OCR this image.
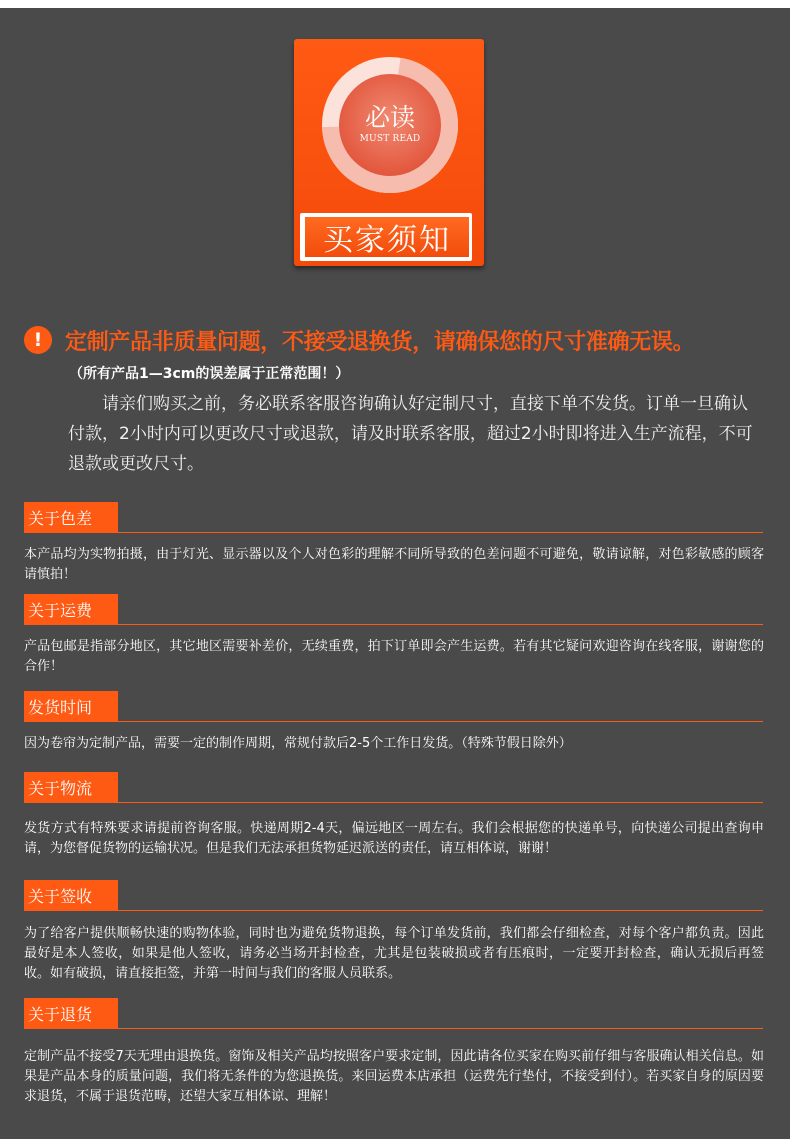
必读
MUST READ
买家须知
!	定制产品非质量问题，不接受退换货，请确保您的尺寸准确无误。
（所有产品1—3cm的误差属于正常范围！）
请亲们购买之前，务必联系客服咨询确认好定制尺寸，直接下单不发货。订单一旦确认付款，2小时内可以更改尺寸或退款，请及时联系客服，超过2小时即将进入生产流程，不可退款或更改尺寸。
关于色差
本产品均为实物拍摄，由于灯光、显示器以及个人对色彩的理解不同所导致的色差问题不可避免，敬请谅解，对色彩敏感的顾客请慎拍！
关于运费
产品包邮是指部分地区，其它地区需要补差价，无续重费，拍下订单即会产生运费。若有其它疑问欢迎咨询在线客服，谢谢您的合作！
发货时间
因为卷帘为定制产品，需要一定的制作周期，常规付款后2-5个工作日发货。（特殊节假日除外）
关于物流
发货方式有特殊要求请提前咨询客服。快递周期2-4天，偏远地区一周左右。我们会根据您的快递单号，向快递公司提出查询申请，为您督促货物的运输状况。但是我们无法承担货物延迟派送的责任，请互相体谅，谢谢！
关于签收
为了给客户提供顺畅快速的购物体验，同时也为避免货物退换，每个订单发货前，我们都会仔细检查，对每个客户都负责。因此最好是本人签收，如果是他人签收，请务必当场开封检查，尤其是包装破损或者有压痕时，一定要开封检查，确认无损后再签收。如有破损，请直接拒签，并第一时间与我们的客服人员联系。
关于退货
定制产品不接受7天无理由退换货。窗饰及相关产品均按照客户要求定制，因此请各位买家在购买前仔细与客服确认相关信息。如果是产品本身的质量问题，我们将无条件的为您退换货。来回运费本店承担（运费先行垫付，不接受到付）。若买家自身的原因要求退货，不属于退货范畴，还望大家互相体谅、理解！
